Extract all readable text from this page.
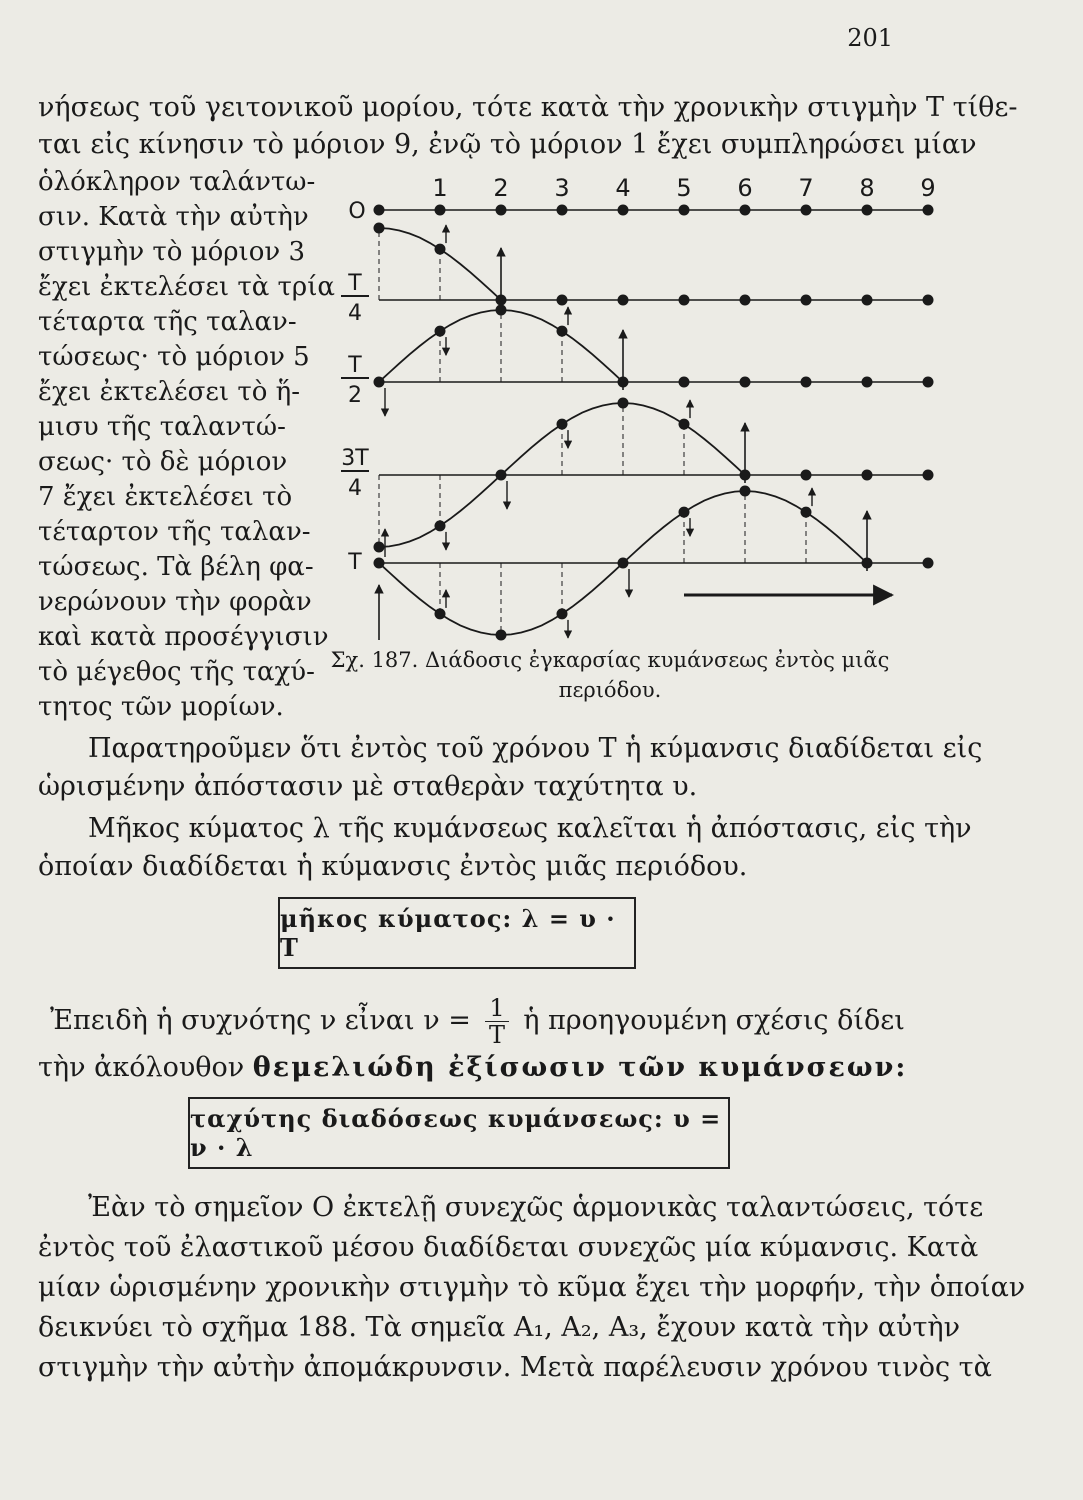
201
νήσεως τοῦ γειτονικοῦ μορίου, τότε κατὰ τὴν χρονικὴν στιγμὴν T τίθε-
ται εἰς κίνησιν τὸ μόριον 9, ἐνῷ τὸ μόριον 1 ἔχει συμπληρώσει μίαν
ὁλόκληρον ταλάντω-
σιν. Κατὰ τὴν αὐτὴν
στιγμὴν τὸ μόριον 3
ἔχει ἐκτελέσει τὰ τρία
τέταρτα τῆς ταλαν-
τώσεως· τὸ μόριον 5
ἔχει ἐκτελέσει τὸ ἥ-
μισυ τῆς ταλαντώ-
σεως· τὸ δὲ μόριον
7 ἔχει ἐκτελέσει τὸ
τέταρτον τῆς ταλαν-
τώσεως. Τὰ βέλη φα-
νερώνουν τὴν φορὰν
καὶ κατὰ προσέγγισιν
τὸ μέγεθος τῆς ταχύ-
τητος τῶν μορίων.
1 2 3 4 5 6 7 8 9
O
T
4
T
2
3T
4
T
Σχ. 187. Διάδοσις ἐγκαρσίας κυμάνσεως ἐντὸς μιᾶς
περιόδου.
Παρατηροῦμεν ὅτι ἐντὸς τοῦ χρόνου T ἡ κύμανσις διαδίδεται εἰς
ὡρισμένην ἀπόστασιν μὲ σταθερὰν ταχύτητα υ.
Μῆκος κύματος λ τῆς κυμάνσεως καλεῖται ἡ ἀπόστασις, εἰς τὴν
ὁποίαν διαδίδεται ἡ κύμανσις ἐντὸς μιᾶς περιόδου.
μῆκος κύματος: λ = υ · T
Ἐπειδὴ ἡ συχνότης ν εἶναι $\nu = \frac{1}{T}$ ἡ προηγουμένη σχέσις δίδει
τὴν ἀκόλουθον θεμελιώδη ἐξίσωσιν τῶν κυμάνσεων:
ταχύτης διαδόσεως κυμάνσεως: υ = ν · λ
Ἐὰν τὸ σημεῖον O ἐκτελῇ συνεχῶς ἁρμονικὰς ταλαντώσεις, τότε
ἐντὸς τοῦ ἐλαστικοῦ μέσου διαδίδεται συνεχῶς μία κύμανσις. Κατὰ
μίαν ὡρισμένην χρονικὴν στιγμὴν τὸ κῦμα ἔχει τὴν μορφήν, τὴν ὁποίαν
δεικνύει τὸ σχῆμα 188. Τὰ σημεῖα A₁, A₂, A₃, ἔχουν κατὰ τὴν αὐτὴν
στιγμὴν τὴν αὐτὴν ἀπομάκρυνσιν. Μετὰ παρέλευσιν χρόνου τινὸς τὰ
